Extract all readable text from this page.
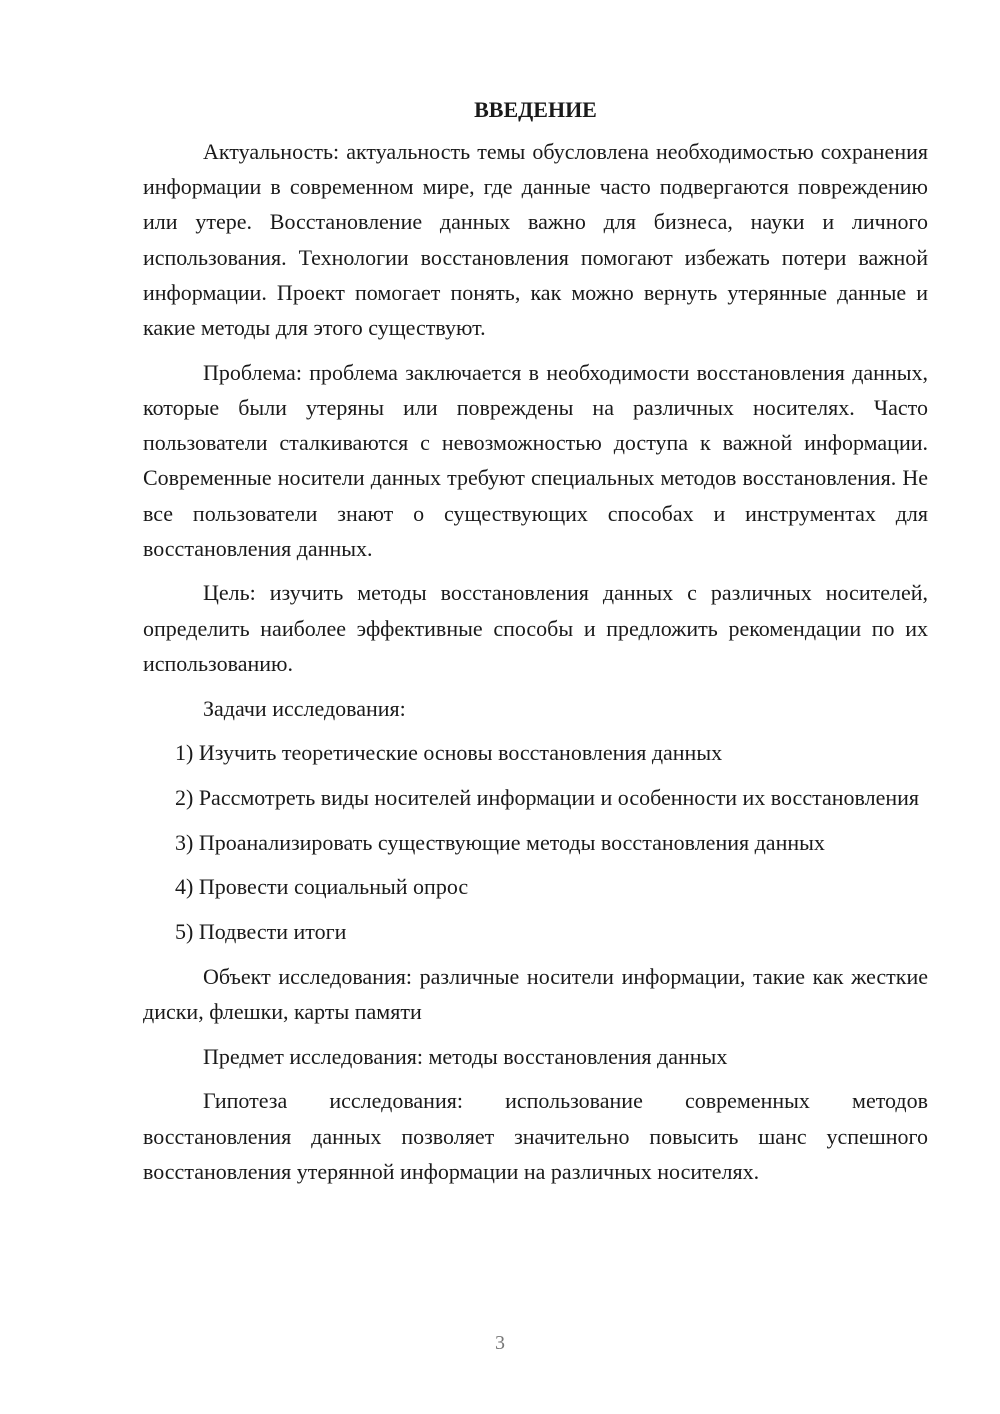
ВВЕДЕНИЕ

Актуальность: актуальность темы обусловлена необходимостью сохранения информации в современном мире, где данные часто подвергаются повреждению или утере. Восстановление данных важно для бизнеса, науки и личного использования. Технологии восстановления помогают избежать потери важной информации. Проект помогает понять, как можно вернуть утерянные данные и какие методы для этого существуют.

Проблема: проблема заключается в необходимости восстановления данных, которые были утеряны или повреждены на различных носителях. Часто пользователи сталкиваются с невозможностью доступа к важной информации. Современные носители данных требуют специальных методов восстановления. Не все пользователи знают о существующих способах и инструментах для восстановления данных.

Цель: изучить методы восстановления данных с различных носителей, определить наиболее эффективные способы и предложить рекомендации по их использованию.

Задачи исследования:

1) Изучить теоретические основы восстановления данных

2) Рассмотреть виды носителей информации и особенности их восстановления

3) Проанализировать существующие методы восстановления данных

4) Провести социальный опрос

5) Подвести итоги

Объект исследования: различные носители информации, такие как жесткие диски, флешки, карты памяти

Предмет исследования: методы восстановления данных

Гипотеза исследования: использование современных методов восстановления данных позволяет значительно повысить шанс успешного восстановления утерянной информации на различных носителях.

3
